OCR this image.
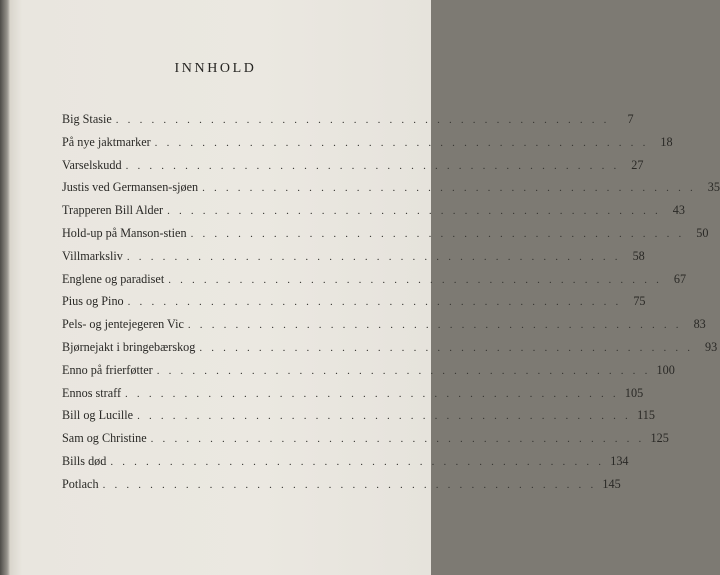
INNHOLD
Big Stasie . . . . . . . . . . . . . . . . . . . . . . . . . . . . . . . . . . . . . . . . . .	7
På nye jaktmarker . . . . . . . . . . . . . . . . . . . . . . . . . . . . . . . . . . . . . . . . . . 18
Varselskudd . . . . . . . . . . . . . . . . . . . . . . . . . . . . . . . . . . . . . . . . . . 27
Justis ved Germansen-sjøen . . . . . . . . . . . . . . . . . . . . . . . . . . . . . . . . . . . . . . . . . . 35
Trapperen Bill Alder . . . . . . . . . . . . . . . . . . . . . . . . . . . . . . . . . . . . . . . . . . 43
Hold-up på Manson-stien . . . . . . . . . . . . . . . . . . . . . . . . . . . . . . . . . . . . . . . . . . 50
Villmarksliv . . . . . . . . . . . . . . . . . . . . . . . . . . . . . . . . . . . . . . . . . . 58
Englene og paradiset . . . . . . . . . . . . . . . . . . . . . . . . . . . . . . . . . . . . . . . . . . 67
Pius og Pino . . . . . . . . . . . . . . . . . . . . . . . . . . . . . . . . . . . . . . . . . . 75
Pels- og jentejegeren Vic . . . . . . . . . . . . . . . . . . . . . . . . . . . . . . . . . . . . . . . . . . 83
Bjørnejakt i bringebærskog . . . . . . . . . . . . . . . . . . . . . . . . . . . . . . . . . . . . . . . . . . 93
Enno på frierføtter . . . . . . . . . . . . . . . . . . . . . . . . . . . . . . . . . . . . . . . . . . 100
Ennos straff . . . . . . . . . . . . . . . . . . . . . . . . . . . . . . . . . . . . . . . . . . 105
Bill og Lucille . . . . . . . . . . . . . . . . . . . . . . . . . . . . . . . . . . . . . . . . . . 115
Sam og Christine . . . . . . . . . . . . . . . . . . . . . . . . . . . . . . . . . . . . . . . . . . 125
Bills død . . . . . . . . . . . . . . . . . . . . . . . . . . . . . . . . . . . . . . . . . . 134
Potlach . . . . . . . . . . . . . . . . . . . . . . . . . . . . . . . . . . . . . . . . . . 145
